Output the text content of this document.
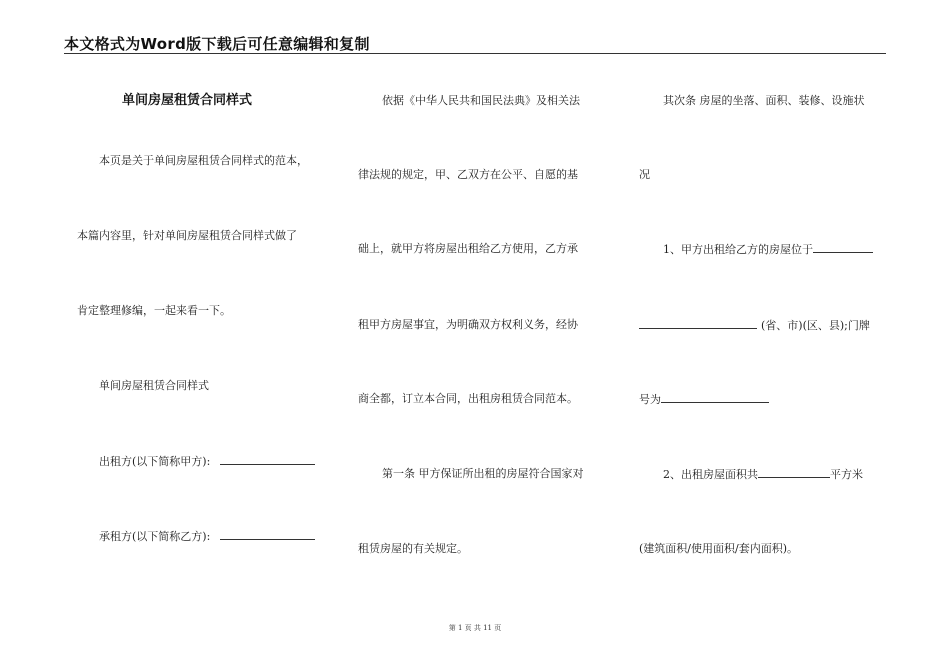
本文格式为Word版下载后可任意编辑和复制
单间房屋租赁合同样式
本页是关于单间房屋租赁合同样式的范本，
本篇内容里，针对单间房屋租赁合同样式做了
肯定整理修编，一起来看一下。
单间房屋租赁合同样式
出租方(以下简称甲方):
承租方(以下简称乙方):
依据《中华人民共和国民法典》及相关法
律法规的规定，甲、乙双方在公平、自愿的基
础上，就甲方将房屋出租给乙方使用，乙方承
租甲方房屋事宜，为明确双方权利义务，经协
商全都，订立本合同，出租房租赁合同范本。
第一条 甲方保证所出租的房屋符合国家对
租赁房屋的有关规定。
其次条 房屋的坐落、面积、装修、设施状
况
1、甲方出租给乙方的房屋位于
(省、市)(区、县);门牌
号为
2、出租房屋面积共	平方米
(建筑面积/使用面积/套内面积)。
第 1 页 共 11 页
